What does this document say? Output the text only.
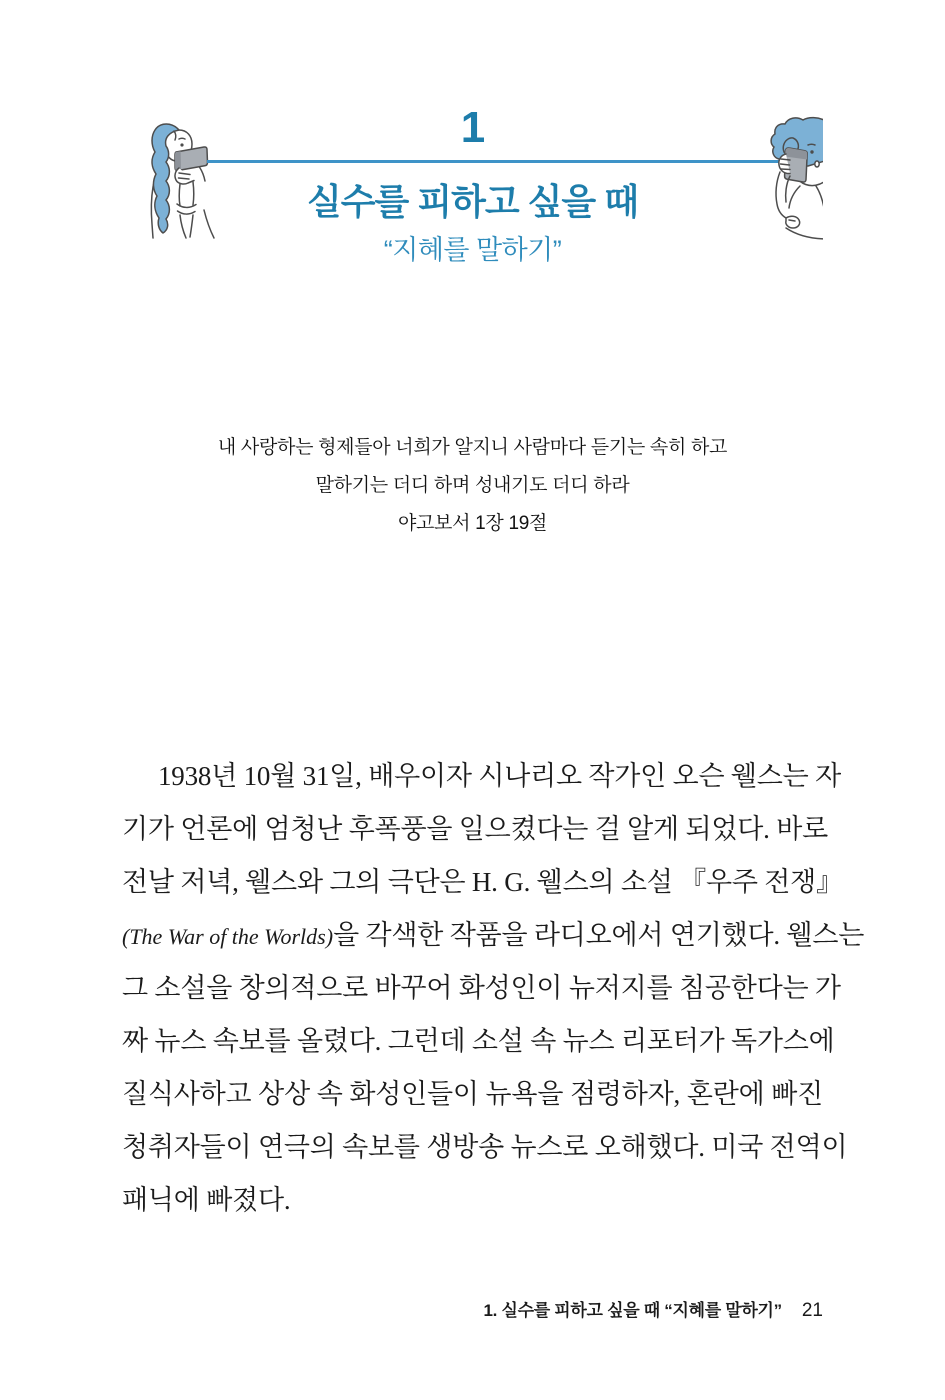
1
실수를 피하고 싶을 때
“지혜를 말하기”
내 사랑하는 형제들아 너희가 알지니 사람마다 듣기는 속히 하고
말하기는 더디 하며 성내기도 더디 하라
야고보서 1장 19절

1938년 10월 31일, 배우이자 시나리오 작가인 오슨 웰스는 자

기가 언론에 엄청난 후폭풍을 일으켰다는 걸 알게 되었다. 바로

전날 저녁, 웰스와 그의 극단은 H. G. 웰스의 소설 『우주 전쟁』

(The War of the Worlds)을 각색한 작품을 라디오에서 연기했다. 웰스는

그 소설을 창의적으로 바꾸어 화성인이 뉴저지를 침공한다는 가

짜 뉴스 속보를 올렸다. 그런데 소설 속 뉴스 리포터가 독가스에

질식사하고 상상 속 화성인들이 뉴욕을 점령하자, 혼란에 빠진

청취자들이 연극의 속보를 생방송 뉴스로 오해했다. 미국 전역이

패닉에 빠졌다.

1. 실수를 피하고 싶을 때 “지혜를 말하기” 21
